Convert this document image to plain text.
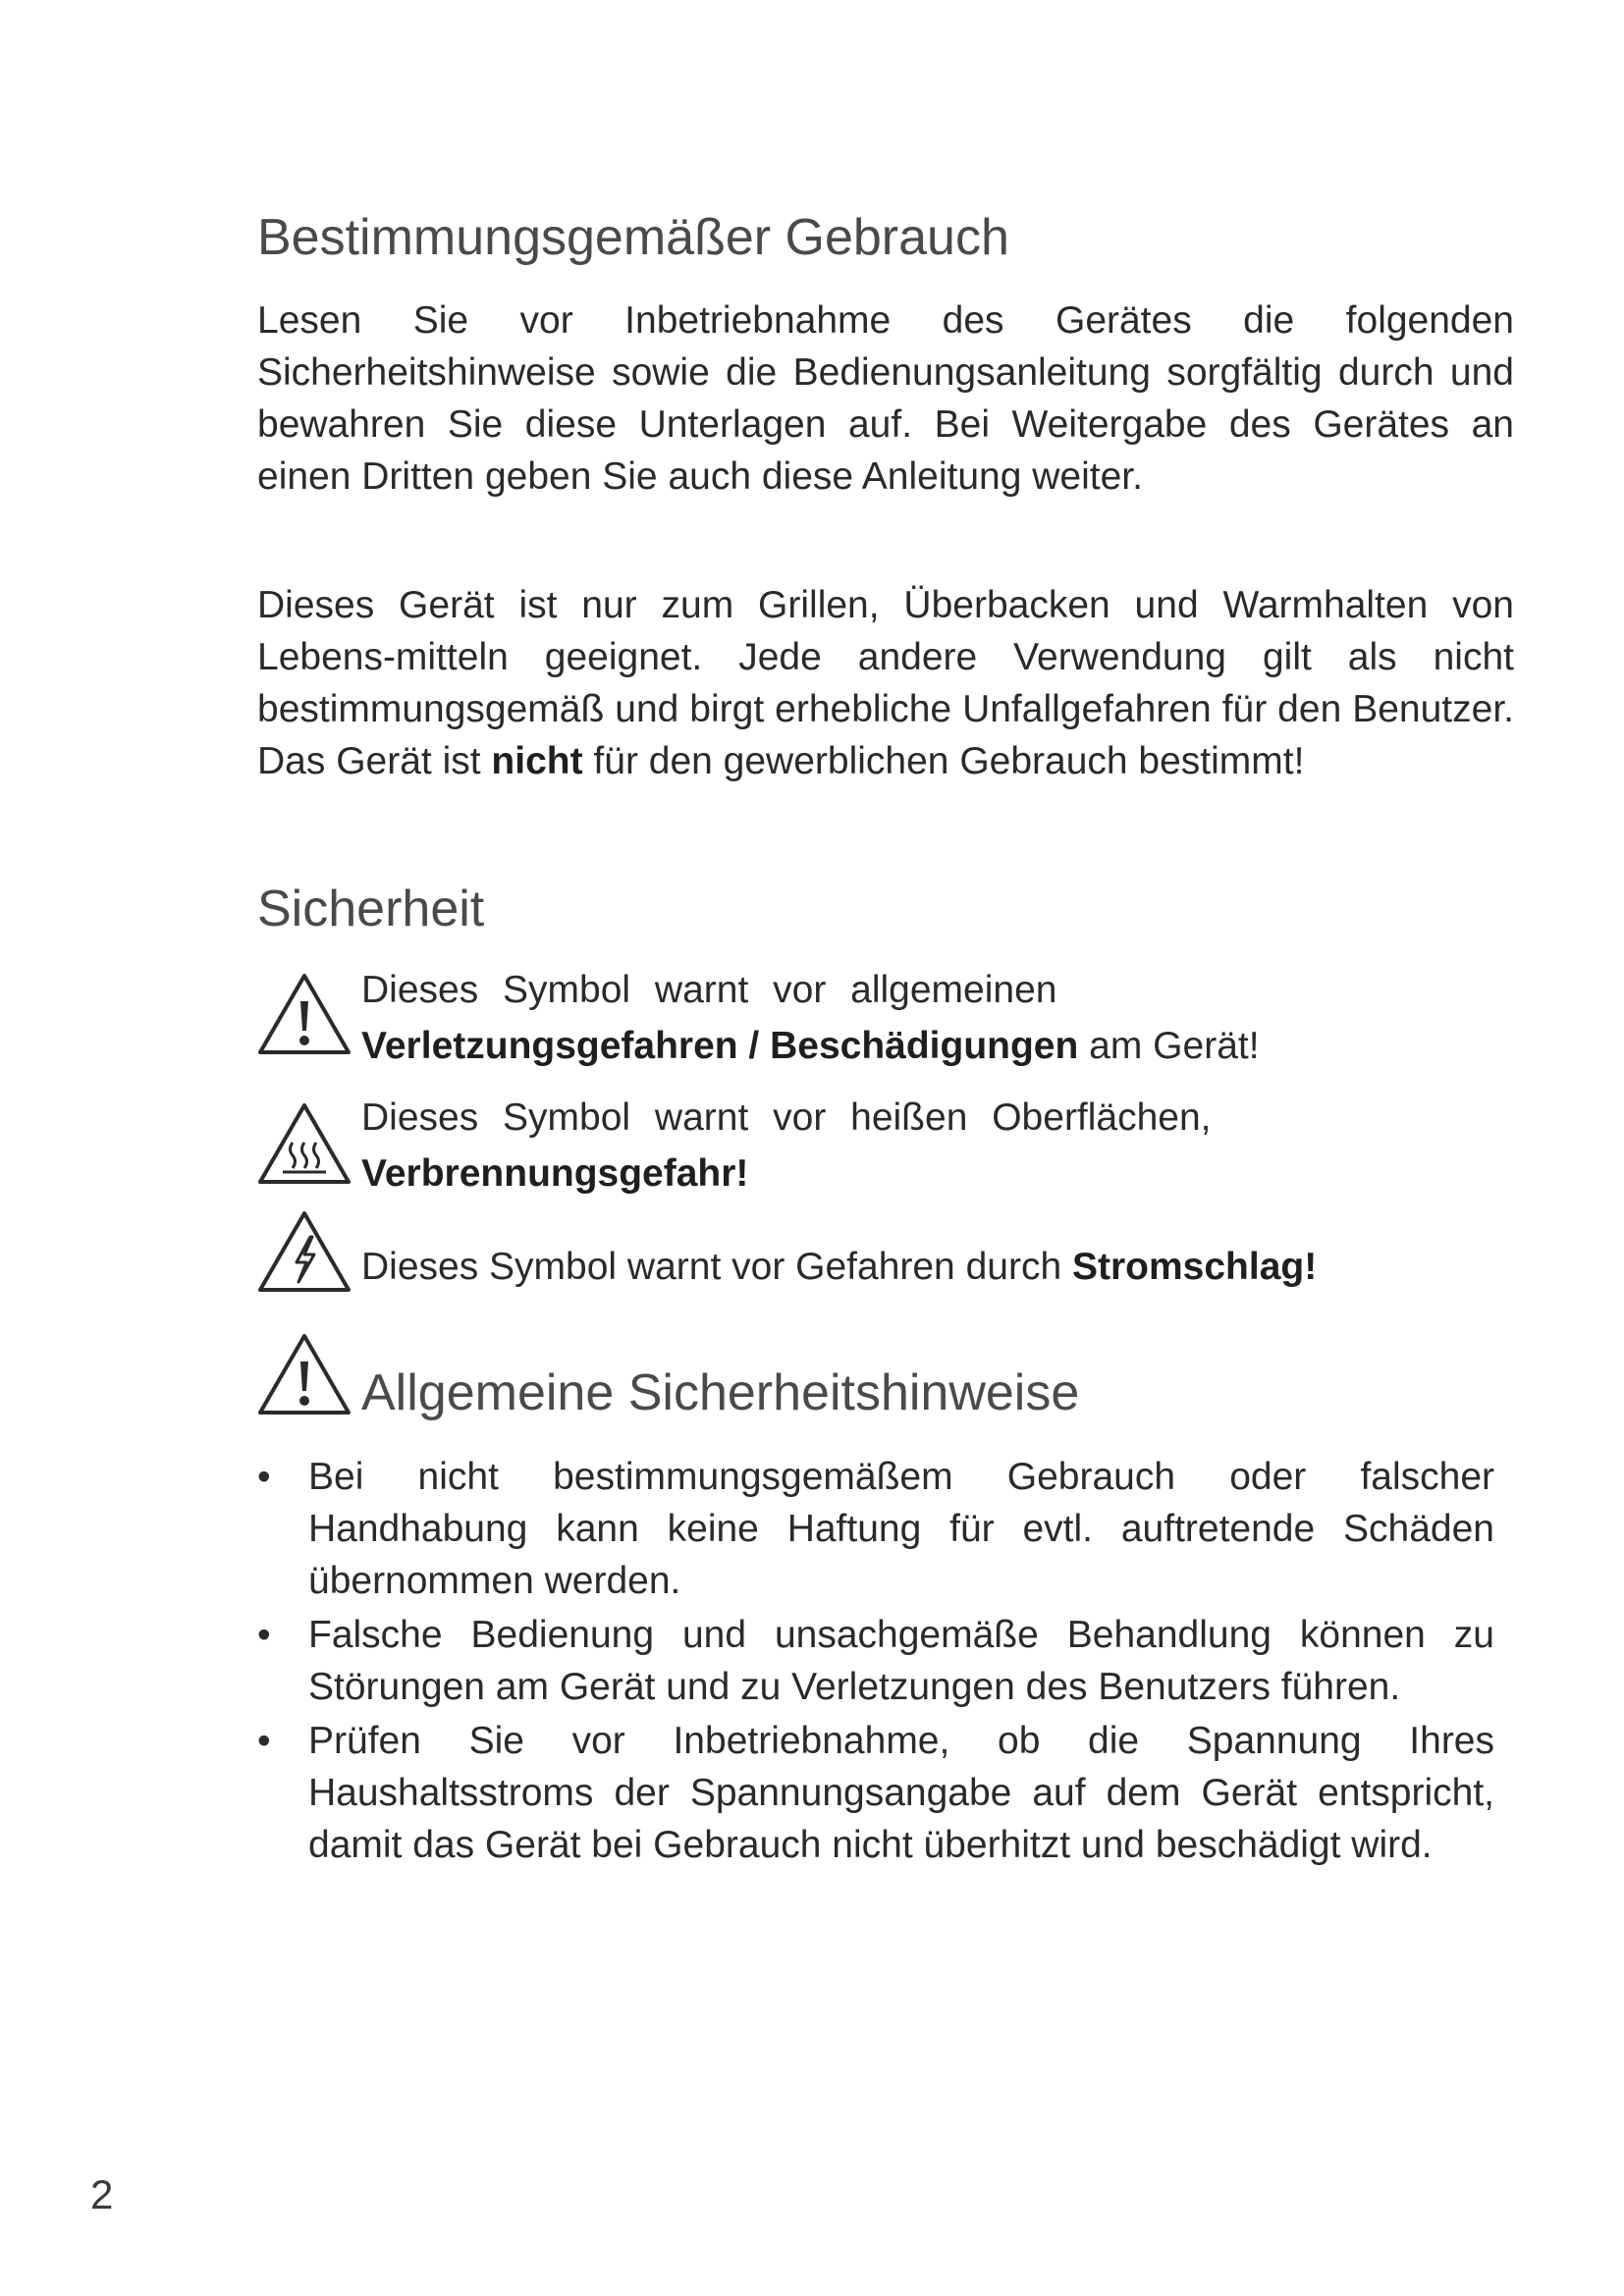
Bestimmungsgemäßer Gebrauch

Lesen Sie vor Inbetriebnahme des Gerätes die folgenden Sicherheitshinweise sowie die Bedienungsanleitung sorgfältig durch und bewahren Sie diese Unterlagen auf. Bei Weitergabe des Gerätes an einen Dritten geben Sie auch diese Anleitung weiter.

Dieses Gerät ist nur zum Grillen, Überbacken und Warmhalten von Lebens-mitteln geeignet. Jede andere Verwendung gilt als nicht bestimmungsgemäß und birgt erhebliche Unfallgefahren für den Benutzer. Das Gerät ist nicht für den gewerblichen Gebrauch bestimmt!

Sicherheit
Dieses Symbol warnt vor allgemeinen
Verletzungsgefahren / Beschädigungen am Gerät!
Dieses Symbol warnt vor heißen Oberflächen,
Verbrennungsgefahr!
Dieses Symbol warnt vor Gefahren durch Stromschlag!
Allgemeine Sicherheitshinweise
• Bei nicht bestimmungsgemäßem Gebrauch oder falscher Handhabung kann keine Haftung für evtl. auftretende Schäden übernommen werden.
• Falsche Bedienung und unsachgemäße Behandlung können zu Störungen am Gerät und zu Verletzungen des Benutzers führen.
• Prüfen Sie vor Inbetriebnahme, ob die Spannung Ihres Haushaltsstroms der Spannungsangabe auf dem Gerät entspricht, damit das Gerät bei Gebrauch nicht überhitzt und beschädigt wird.
2
